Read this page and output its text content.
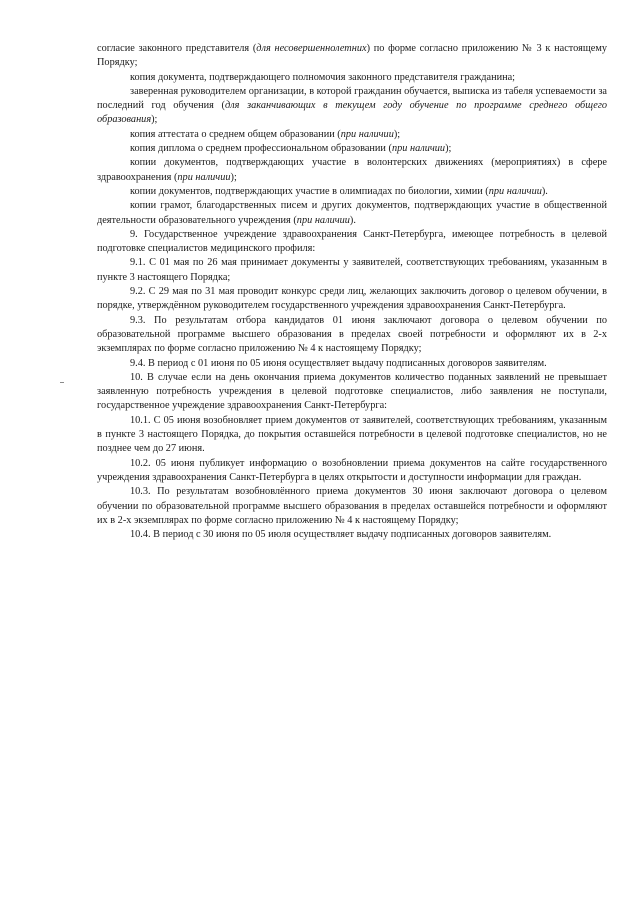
согласие законного представителя (для несовершеннолетних) по форме согласно приложению № 3 к настоящему Порядку;

копия документа, подтверждающего полномочия законного представителя гражданина;

заверенная руководителем организации, в которой гражданин обучается, выписка из табеля успеваемости за последний год обучения (для заканчивающих в текущем году обучение по программе среднего общего образования);

копия аттестата о среднем общем образовании (при наличии);

копия диплома о среднем профессиональном образовании (при наличии);

копии документов, подтверждающих участие в волонтерских движениях (мероприятиях) в сфере здравоохранения (при наличии);

копии документов, подтверждающих участие в олимпиадах по биологии, химии (при наличии).

копии грамот, благодарственных писем и других документов, подтверждающих участие в общественной деятельности образовательного учреждения (при наличии).

9. Государственное учреждение здравоохранения Санкт-Петербурга, имеющее потребность в целевой подготовке специалистов медицинского профиля:

9.1. С 01 мая по 26 мая принимает документы у заявителей, соответствующих требованиям, указанным в пункте 3 настоящего Порядка;

9.2. С 29 мая по 31 мая проводит конкурс среди лиц, желающих заключить договор о целевом обучении, в порядке, утверждённом руководителем государственного учреждения здравоохранения Санкт-Петербурга.

9.3. По результатам отбора кандидатов 01 июня заключают договора о целевом обучении по образовательной программе высшего образования в пределах своей потребности и оформляют их в 2-х экземплярах по форме согласно приложению № 4 к настоящему Порядку;

9.4. В период с 01 июня по 05 июня осуществляет выдачу подписанных договоров заявителям.

10. В случае если на день окончания приема документов количество поданных заявлений не превышает заявленную потребность учреждения в целевой подготовке специалистов, либо заявления не поступали, государственное учреждение здравоохранения Санкт-Петербурга:

10.1. С 05 июня возобновляет прием документов от заявителей, соответствующих требованиям, указанным в пункте 3 настоящего Порядка, до покрытия оставшейся потребности в целевой подготовке специалистов, но не позднее чем до 27 июня.

10.2. 05 июня публикует информацию о возобновлении приема документов на сайте государственного учреждения здравоохранения Санкт-Петербурга в целях открытости и доступности информации для граждан.

10.3. По результатам возобновлённого приема документов 30 июня заключают договора о целевом обучении по образовательной программе высшего образования в пределах оставшейся потребности и оформляют их в 2-х экземплярах по форме согласно приложению № 4 к настоящему Порядку;

10.4. В период с 30 июня по 05 июля осуществляет выдачу подписанных договоров заявителям.
